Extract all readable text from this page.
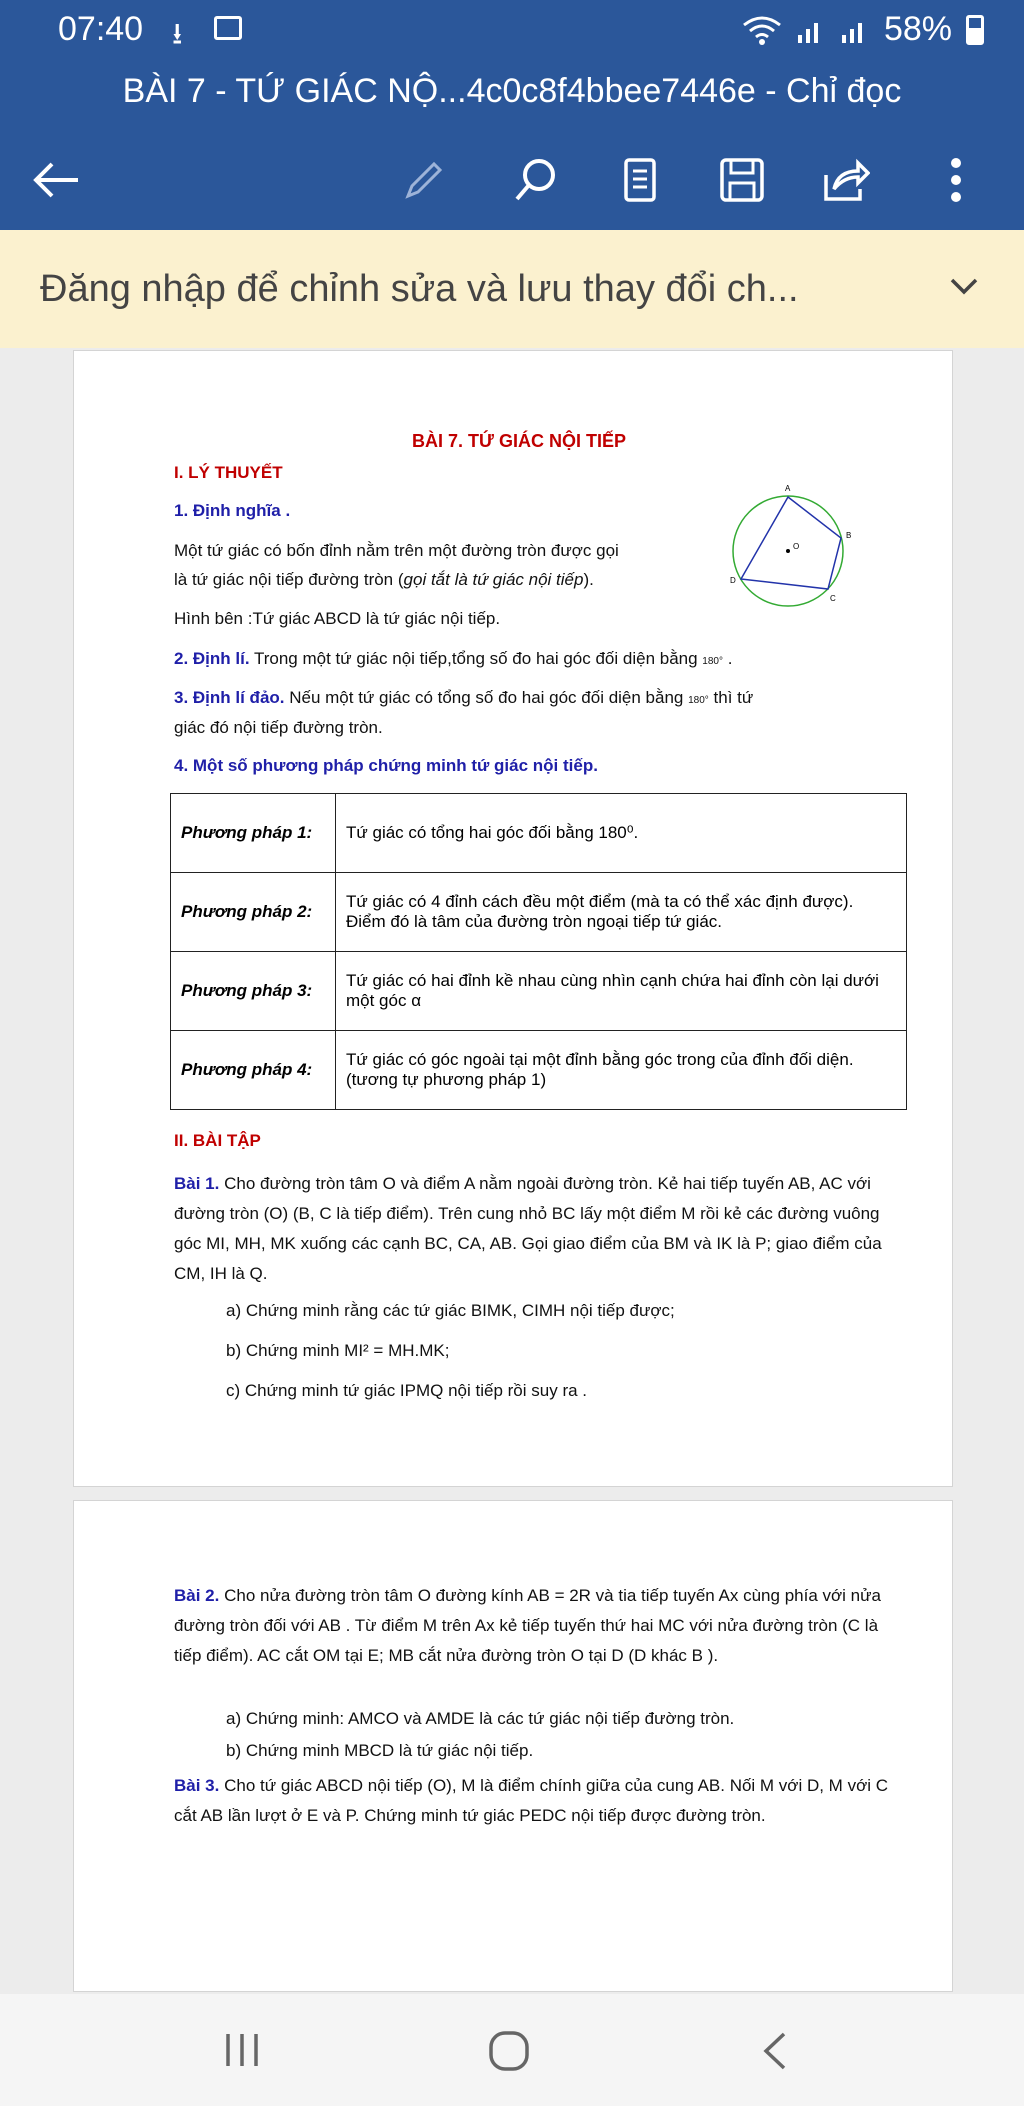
07:40 ⭳	58%
BÀI 7 - TỨ GIÁC NỘ...4c0c8f4bbee7446e - Chỉ đọc
Đăng nhập để chỉnh sửa và lưu thay đổi ch...
BÀI 7. TỨ GIÁC NỘI TIẾP
I. LÝ THUYẾT
1. Định nghĩa .
Một tứ giác có bốn đỉnh nằm trên một đường tròn được gọi
là tứ giác nội tiếp đường tròn (gọi tắt là tứ giác nội tiếp).
Hình bên :Tứ giác ABCD là tứ giác nội tiếp.
A
B
C
D
O
2. Định lí. Trong một tứ giác nội tiếp,tổng số đo hai góc đối diện bằng 180° .
3. Định lí đảo. Nếu một tứ giác có tổng số đo hai góc đối diện bằng 180° thì tứ
giác đó nội tiếp đường tròn.
4. Một số phương pháp chứng minh tứ giác nội tiếp.
Phương pháp 1:	Tứ giác có tổng hai góc đối bằng 180⁰.
Phương pháp 2:	Tứ giác có 4 đỉnh cách đều một điểm (mà ta có thể xác định được). Điểm đó là tâm của đường tròn ngoại tiếp tứ giác.
Phương pháp 3:	Tứ giác có hai đỉnh kề nhau cùng nhìn cạnh chứa hai đỉnh còn lại dưới một góc α
Phương pháp 4:	Tứ giác có góc ngoài tại một đỉnh bằng góc trong của đỉnh đối diện. (tương tự phương pháp 1)
II. BÀI TẬP
Bài 1. Cho đường tròn tâm O và điểm A nằm ngoài đường tròn. Kẻ hai tiếp tuyến AB, AC với đường tròn (O) (B, C là tiếp điểm). Trên cung nhỏ BC lấy một điểm M rồi kẻ các đường vuông góc MI, MH, MK xuống các cạnh BC, CA, AB. Gọi giao điểm của BM và IK là P; giao điểm của CM, IH là Q.
a) Chứng minh rằng các tứ giác BIMK, CIMH nội tiếp được;
b) Chứng minh MI² = MH.MK;
c) Chứng minh tứ giác IPMQ nội tiếp rồi suy ra .
Bài 2. Cho nửa đường tròn tâm O đường kính AB = 2R và tia tiếp tuyến Ax cùng phía với nửa đường tròn đối với AB . Từ điểm M trên Ax kẻ tiếp tuyến thứ hai MC với nửa đường tròn (C là tiếp điểm). AC cắt OM tại E; MB cắt nửa đường tròn O tại D (D khác B ).
a) Chứng minh: AMCO và AMDE là các tứ giác nội tiếp đường tròn.
b) Chứng minh MBCD là tứ giác nội tiếp.
Bài 3. Cho tứ giác ABCD nội tiếp (O), M là điểm chính giữa của cung AB. Nối M với D, M với C cắt AB lần lượt ở E và P. Chứng minh tứ giác PEDC nội tiếp được đường tròn.
